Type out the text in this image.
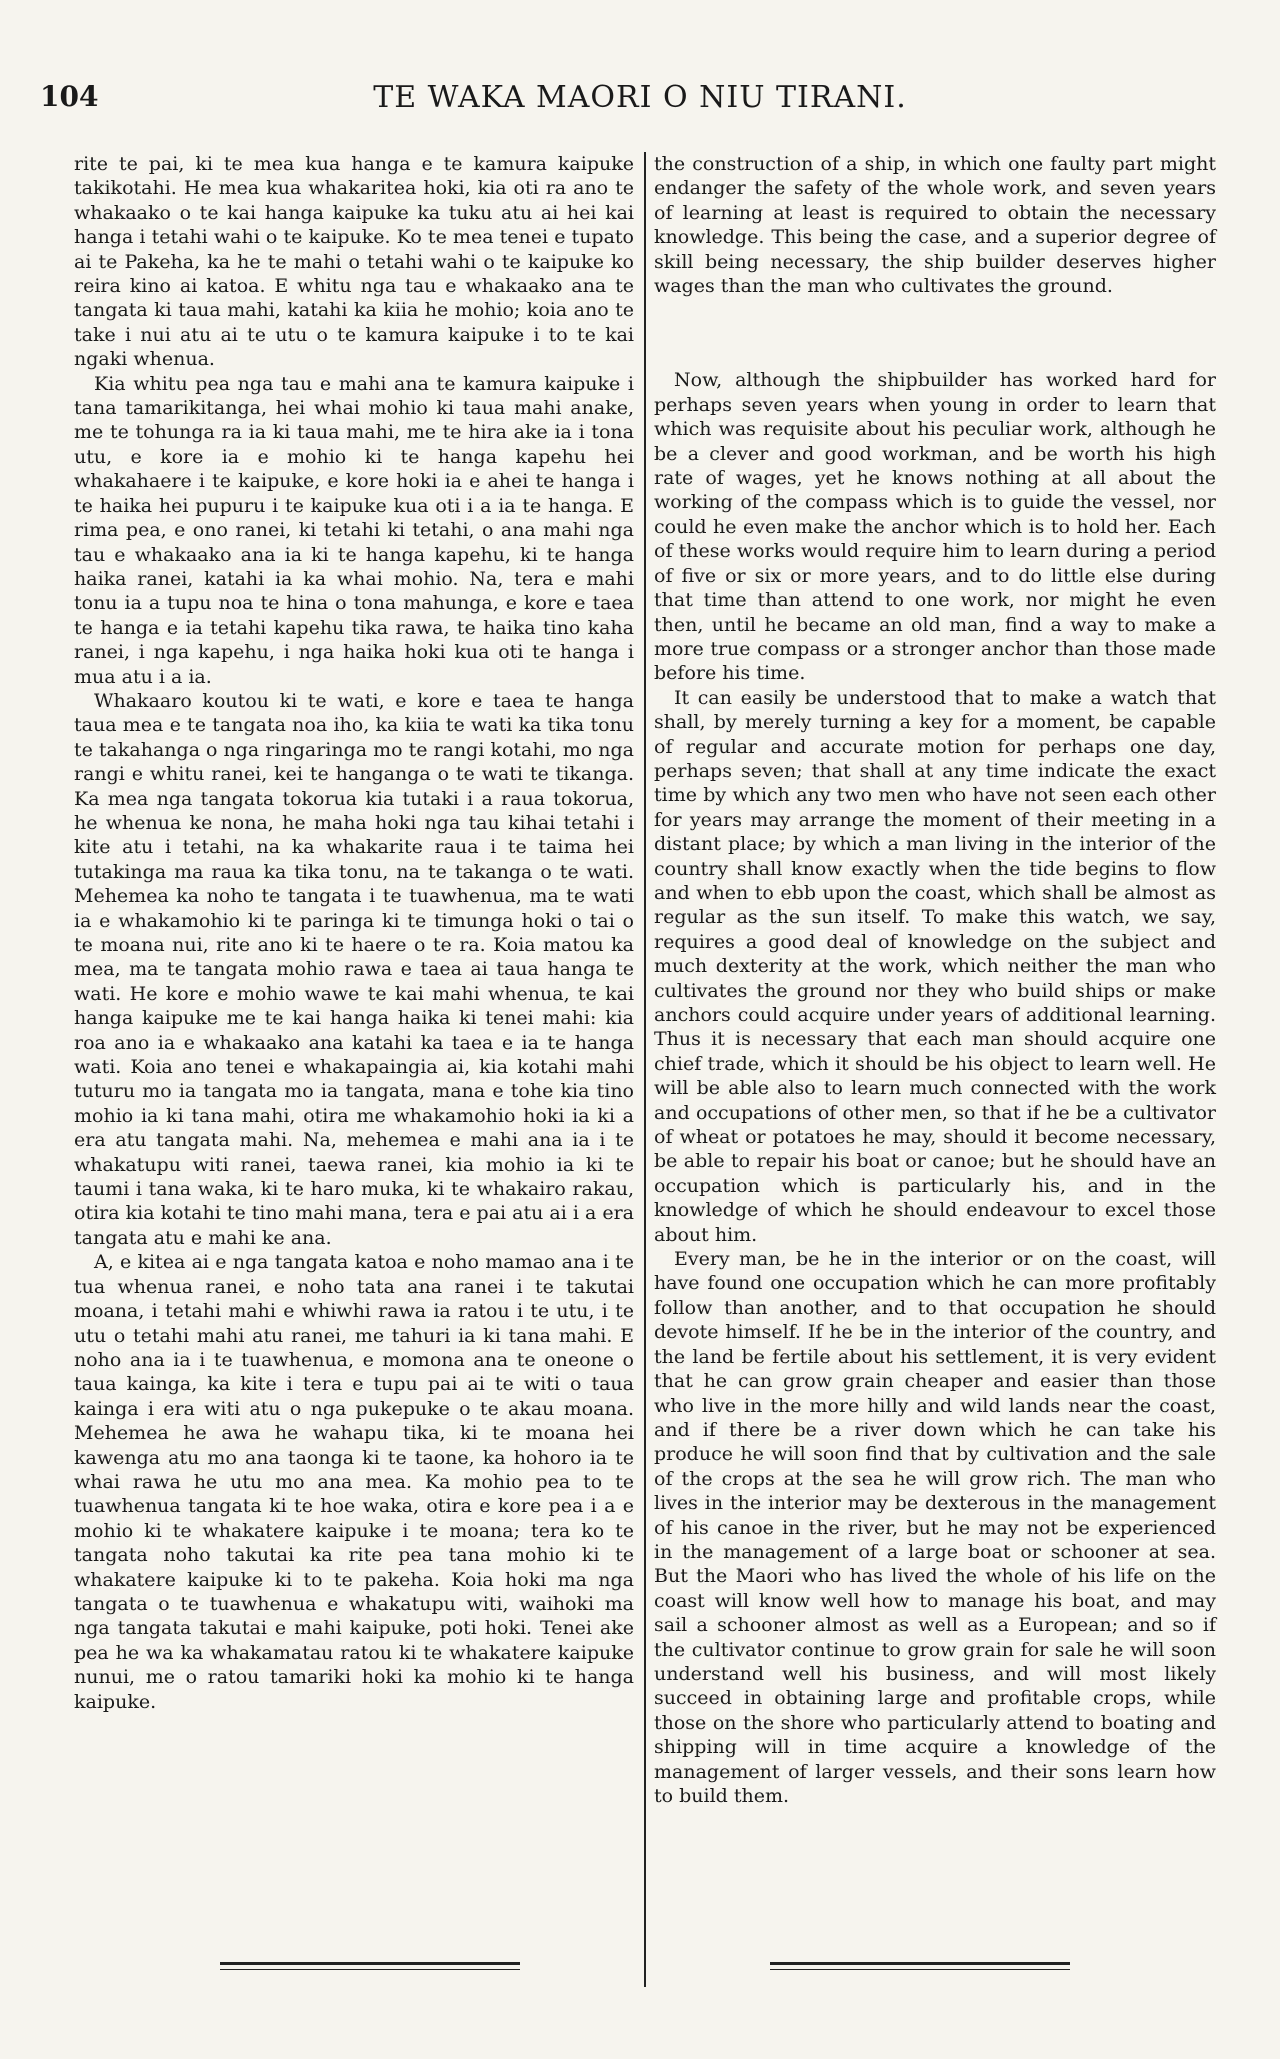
104	TE WAKA MAORI O NIU TIRANI.

rite te pai, ki te mea kua hanga e te kamura kaipuke takikotahi. He mea kua whakaritea hoki, kia oti ra ano te whakaako o te kai hanga kaipuke ka tuku atu ai hei kai hanga i tetahi wahi o te kaipuke. Ko te mea tenei e tupato ai te Pakeha, ka he te mahi o tetahi wahi o te kaipuke ko reira kino ai katoa. E whitu nga tau e whakaako ana te tangata ki taua mahi, katahi ka kiia he mohio; koia ano te take i nui atu ai te utu o te kamura kaipuke i to te kai ngaki whenua.

Kia whitu pea nga tau e mahi ana te kamura kaipuke i tana tamarikitanga, hei whai mohio ki taua mahi anake, me te tohunga ra ia ki taua mahi, me te hira ake ia i tona utu, e kore ia e mohio ki te hanga kapehu hei whakahaere i te kaipuke, e kore hoki ia e ahei te hanga i te haika hei pupuru i te kaipuke kua oti i a ia te hanga. E rima pea, e ono ranei, ki tetahi ki tetahi, o ana mahi nga tau e whakaako ana ia ki te hanga kapehu, ki te hanga haika ranei, katahi ia ka whai mohio. Na, tera e mahi tonu ia a tupu noa te hina o tona mahunga, e kore e taea te hanga e ia tetahi kapehu tika rawa, te haika tino kaha ranei, i nga kapehu, i nga haika hoki kua oti te hanga i mua atu i a ia.

Whakaaro koutou ki te wati, e kore e taea te hanga taua mea e te tangata noa iho, ka kiia te wati ka tika tonu te takahanga o nga ringaringa mo te rangi kotahi, mo nga rangi e whitu ranei, kei te hanganga o te wati te tikanga. Ka mea nga tangata tokorua kia tutaki i a raua tokorua, he whenua ke nona, he maha hoki nga tau kihai tetahi i kite atu i tetahi, na ka whakarite raua i te taima hei tutakinga ma raua ka tika tonu, na te takanga o te wati. Mehemea ka noho te tangata i te tuawhenua, ma te wati ia e whakamohio ki te paringa ki te timunga hoki o tai o te moana nui, rite ano ki te haere o te ra. Koia matou ka mea, ma te tangata mohio rawa e taea ai taua hanga te wati. He kore e mohio wawe te kai mahi whenua, te kai hanga kaipuke me te kai hanga haika ki tenei mahi: kia roa ano ia e whakaako ana katahi ka taea e ia te hanga wati. Koia ano tenei e whakapaingia ai, kia kotahi mahi tuturu mo ia tangata mo ia tangata, mana e tohe kia tino mohio ia ki tana mahi, otira me whakamohio hoki ia ki a era atu tangata mahi. Na, mehemea e mahi ana ia i te whakatupu witi ranei, taewa ranei, kia mohio ia ki te taumi i tana waka, ki te haro muka, ki te whakairo rakau, otira kia kotahi te tino mahi mana, tera e pai atu ai i a era tangata atu e mahi ke ana.

A, e kitea ai e nga tangata katoa e noho mamao ana i te tua whenua ranei, e noho tata ana ranei i te takutai moana, i tetahi mahi e whiwhi rawa ia ratou i te utu, i te utu o tetahi mahi atu ranei, me tahuri ia ki tana mahi. E noho ana ia i te tuawhenua, e momona ana te oneone o taua kainga, ka kite i tera e tupu pai ai te witi o taua kainga i era witi atu o nga pukepuke o te akau moana. Mehemea he awa he wahapu tika, ki te moana hei kawenga atu mo ana taonga ki te taone, ka hohoro ia te whai rawa he utu mo ana mea. Ka mohio pea to te tuawhenua tangata ki te hoe waka, otira e kore pea i a e mohio ki te whakatere kaipuke i te moana; tera ko te tangata noho takutai ka rite pea tana mohio ki te whakatere kaipuke ki to te pakeha. Koia hoki ma nga tangata o te tuawhenua e whakatupu witi, waihoki ma nga tangata takutai e mahi kaipuke, poti hoki. Tenei ake pea he wa ka whakamatau ratou ki te whakatere kaipuke nunui, me o ratou tamariki hoki ka mohio ki te hanga kaipuke.

the construction of a ship, in which one faulty part might endanger the safety of the whole work, and seven years of learning at least is required to obtain the necessary knowledge. This being the case, and a superior degree of skill being necessary, the ship builder deserves higher wages than the man who cultivates the ground.

Now, although the shipbuilder has worked hard for perhaps seven years when young in order to learn that which was requisite about his peculiar work, although he be a clever and good workman, and be worth his high rate of wages, yet he knows nothing at all about the working of the compass which is to guide the vessel, nor could he even make the anchor which is to hold her. Each of these works would require him to learn during a period of five or six or more years, and to do little else during that time than attend to one work, nor might he even then, until he became an old man, find a way to make a more true compass or a stronger anchor than those made before his time.

It can easily be understood that to make a watch that shall, by merely turning a key for a moment, be capable of regular and accurate motion for perhaps one day, perhaps seven; that shall at any time indicate the exact time by which any two men who have not seen each other for years may arrange the moment of their meeting in a distant place; by which a man living in the interior of the country shall know exactly when the tide begins to flow and when to ebb upon the coast, which shall be almost as regular as the sun itself. To make this watch, we say, requires a good deal of knowledge on the subject and much dexterity at the work, which neither the man who cultivates the ground nor they who build ships or make anchors could acquire under years of additional learning. Thus it is necessary that each man should acquire one chief trade, which it should be his object to learn well. He will be able also to learn much connected with the work and occupations of other men, so that if he be a cultivator of wheat or potatoes he may, should it become necessary, be able to repair his boat or canoe; but he should have an occupation which is particularly his, and in the knowledge of which he should endeavour to excel those about him.

Every man, be he in the interior or on the coast, will have found one occupation which he can more profitably follow than another, and to that occupation he should devote himself. If he be in the interior of the country, and the land be fertile about his settlement, it is very evident that he can grow grain cheaper and easier than those who live in the more hilly and wild lands near the coast, and if there be a river down which he can take his produce he will soon find that by cultivation and the sale of the crops at the sea he will grow rich. The man who lives in the interior may be dexterous in the management of his canoe in the river, but he may not be experienced in the management of a large boat or schooner at sea. But the Maori who has lived the whole of his life on the coast will know well how to manage his boat, and may sail a schooner almost as well as a European; and so if the cultivator continue to grow grain for sale he will soon understand well his business, and will most likely succeed in obtaining large and profitable crops, while those on the shore who particularly attend to boating and shipping will in time acquire a knowledge of the management of larger vessels, and their sons learn how to build them.
